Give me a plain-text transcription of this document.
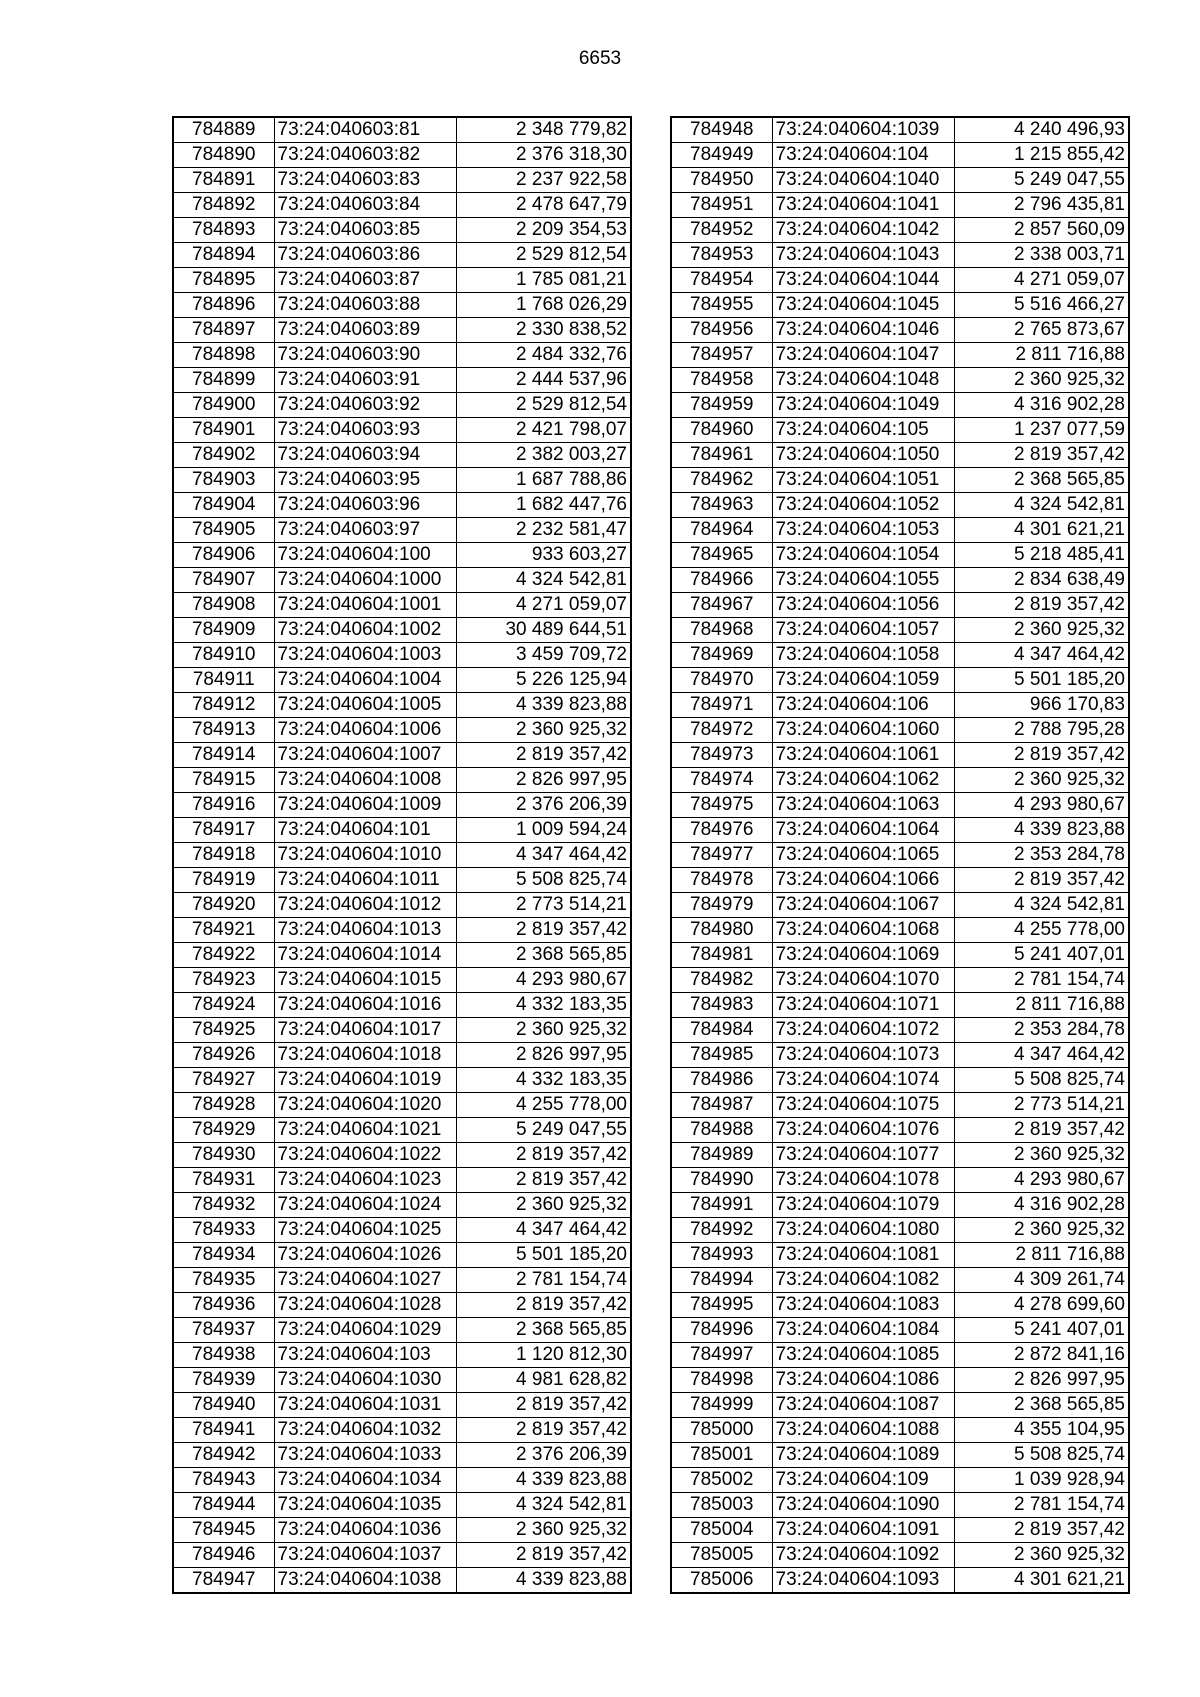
6653
784889	73:24:040603:81	2 348 779,82
784890	73:24:040603:82	2 376 318,30
784891	73:24:040603:83	2 237 922,58
784892	73:24:040603:84	2 478 647,79
784893	73:24:040603:85	2 209 354,53
784894	73:24:040603:86	2 529 812,54
784895	73:24:040603:87	1 785 081,21
784896	73:24:040603:88	1 768 026,29
784897	73:24:040603:89	2 330 838,52
784898	73:24:040603:90	2 484 332,76
784899	73:24:040603:91	2 444 537,96
784900	73:24:040603:92	2 529 812,54
784901	73:24:040603:93	2 421 798,07
784902	73:24:040603:94	2 382 003,27
784903	73:24:040603:95	1 687 788,86
784904	73:24:040603:96	1 682 447,76
784905	73:24:040603:97	2 232 581,47
784906	73:24:040604:100	933 603,27
784907	73:24:040604:1000	4 324 542,81
784908	73:24:040604:1001	4 271 059,07
784909	73:24:040604:1002	30 489 644,51
784910	73:24:040604:1003	3 459 709,72
784911	73:24:040604:1004	5 226 125,94
784912	73:24:040604:1005	4 339 823,88
784913	73:24:040604:1006	2 360 925,32
784914	73:24:040604:1007	2 819 357,42
784915	73:24:040604:1008	2 826 997,95
784916	73:24:040604:1009	2 376 206,39
784917	73:24:040604:101	1 009 594,24
784918	73:24:040604:1010	4 347 464,42
784919	73:24:040604:1011	5 508 825,74
784920	73:24:040604:1012	2 773 514,21
784921	73:24:040604:1013	2 819 357,42
784922	73:24:040604:1014	2 368 565,85
784923	73:24:040604:1015	4 293 980,67
784924	73:24:040604:1016	4 332 183,35
784925	73:24:040604:1017	2 360 925,32
784926	73:24:040604:1018	2 826 997,95
784927	73:24:040604:1019	4 332 183,35
784928	73:24:040604:1020	4 255 778,00
784929	73:24:040604:1021	5 249 047,55
784930	73:24:040604:1022	2 819 357,42
784931	73:24:040604:1023	2 819 357,42
784932	73:24:040604:1024	2 360 925,32
784933	73:24:040604:1025	4 347 464,42
784934	73:24:040604:1026	5 501 185,20
784935	73:24:040604:1027	2 781 154,74
784936	73:24:040604:1028	2 819 357,42
784937	73:24:040604:1029	2 368 565,85
784938	73:24:040604:103	1 120 812,30
784939	73:24:040604:1030	4 981 628,82
784940	73:24:040604:1031	2 819 357,42
784941	73:24:040604:1032	2 819 357,42
784942	73:24:040604:1033	2 376 206,39
784943	73:24:040604:1034	4 339 823,88
784944	73:24:040604:1035	4 324 542,81
784945	73:24:040604:1036	2 360 925,32
784946	73:24:040604:1037	2 819 357,42
784947	73:24:040604:1038	4 339 823,88
784948	73:24:040604:1039	4 240 496,93
784949	73:24:040604:104	1 215 855,42
784950	73:24:040604:1040	5 249 047,55
784951	73:24:040604:1041	2 796 435,81
784952	73:24:040604:1042	2 857 560,09
784953	73:24:040604:1043	2 338 003,71
784954	73:24:040604:1044	4 271 059,07
784955	73:24:040604:1045	5 516 466,27
784956	73:24:040604:1046	2 765 873,67
784957	73:24:040604:1047	2 811 716,88
784958	73:24:040604:1048	2 360 925,32
784959	73:24:040604:1049	4 316 902,28
784960	73:24:040604:105	1 237 077,59
784961	73:24:040604:1050	2 819 357,42
784962	73:24:040604:1051	2 368 565,85
784963	73:24:040604:1052	4 324 542,81
784964	73:24:040604:1053	4 301 621,21
784965	73:24:040604:1054	5 218 485,41
784966	73:24:040604:1055	2 834 638,49
784967	73:24:040604:1056	2 819 357,42
784968	73:24:040604:1057	2 360 925,32
784969	73:24:040604:1058	4 347 464,42
784970	73:24:040604:1059	5 501 185,20
784971	73:24:040604:106	966 170,83
784972	73:24:040604:1060	2 788 795,28
784973	73:24:040604:1061	2 819 357,42
784974	73:24:040604:1062	2 360 925,32
784975	73:24:040604:1063	4 293 980,67
784976	73:24:040604:1064	4 339 823,88
784977	73:24:040604:1065	2 353 284,78
784978	73:24:040604:1066	2 819 357,42
784979	73:24:040604:1067	4 324 542,81
784980	73:24:040604:1068	4 255 778,00
784981	73:24:040604:1069	5 241 407,01
784982	73:24:040604:1070	2 781 154,74
784983	73:24:040604:1071	2 811 716,88
784984	73:24:040604:1072	2 353 284,78
784985	73:24:040604:1073	4 347 464,42
784986	73:24:040604:1074	5 508 825,74
784987	73:24:040604:1075	2 773 514,21
784988	73:24:040604:1076	2 819 357,42
784989	73:24:040604:1077	2 360 925,32
784990	73:24:040604:1078	4 293 980,67
784991	73:24:040604:1079	4 316 902,28
784992	73:24:040604:1080	2 360 925,32
784993	73:24:040604:1081	2 811 716,88
784994	73:24:040604:1082	4 309 261,74
784995	73:24:040604:1083	4 278 699,60
784996	73:24:040604:1084	5 241 407,01
784997	73:24:040604:1085	2 872 841,16
784998	73:24:040604:1086	2 826 997,95
784999	73:24:040604:1087	2 368 565,85
785000	73:24:040604:1088	4 355 104,95
785001	73:24:040604:1089	5 508 825,74
785002	73:24:040604:109	1 039 928,94
785003	73:24:040604:1090	2 781 154,74
785004	73:24:040604:1091	2 819 357,42
785005	73:24:040604:1092	2 360 925,32
785006	73:24:040604:1093	4 301 621,21
